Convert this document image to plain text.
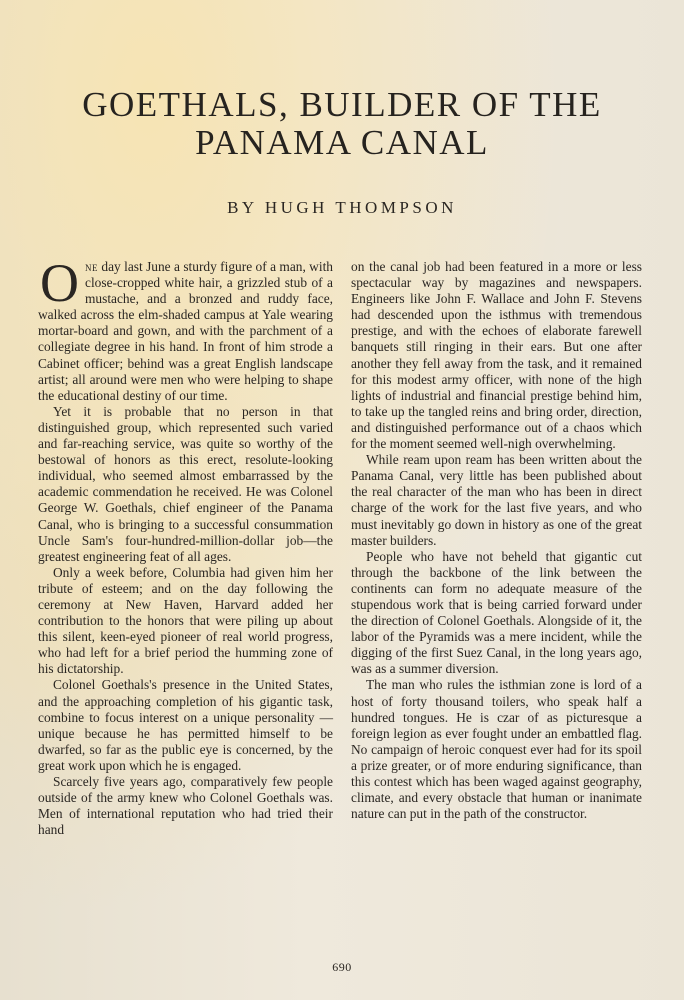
GOETHALS, BUILDER OF THE
PANAMA CANAL
BY HUGH THOMPSON

One day last June a sturdy figure of a man, with close-cropped white hair, a grizzled stub of a mustache, and a bronzed and ruddy face, walked across the elm-shaded campus at Yale wearing mortar-board and gown, and with the parchment of a collegiate degree in his hand. In front of him strode a Cabinet officer; behind was a great English landscape artist; all around were men who were helping to shape the educational destiny of our time.

Yet it is probable that no person in that distinguished group, which represented such varied and far-reaching service, was quite so worthy of the bestowal of honors as this erect, resolute-looking individual, who seemed almost embarrassed by the academic commendation he received. He was Colonel George W. Goethals, chief engineer of the Panama Canal, who is bringing to a successful consummation Uncle Sam's four-hundred-million-dollar job—the greatest engineering feat of all ages.

Only a week before, Columbia had given him her tribute of esteem; and on the day following the ceremony at New Haven, Harvard added her contribution to the honors that were piling up about this silent, keen-eyed pioneer of real world progress, who had left for a brief period the humming zone of his dictatorship.

Colonel Goethals's presence in the United States, and the approaching completion of his gigantic task, combine to focus interest on a unique personality — unique because he has permitted himself to be dwarfed, so far as the public eye is concerned, by the great work upon which he is engaged.

Scarcely five years ago, comparatively few people outside of the army knew who Colonel Goethals was. Men of international reputation who had tried their hand

on the canal job had been featured in a more or less spectacular way by magazines and newspapers. Engineers like John F. Wallace and John F. Stevens had descended upon the isthmus with tremendous prestige, and with the echoes of elaborate farewell banquets still ringing in their ears. But one after another they fell away from the task, and it remained for this modest army officer, with none of the high lights of industrial and financial prestige behind him, to take up the tangled reins and bring order, direction, and distinguished performance out of a chaos which for the moment seemed well-nigh overwhelming.

While ream upon ream has been written about the Panama Canal, very little has been published about the real character of the man who has been in direct charge of the work for the last five years, and who must inevitably go down in history as one of the great master builders.

People who have not beheld that gigantic cut through the backbone of the link between the continents can form no adequate measure of the stupendous work that is being carried forward under the direction of Colonel Goethals. Alongside of it, the labor of the Pyramids was a mere incident, while the digging of the first Suez Canal, in the long years ago, was as a summer diversion.

The man who rules the isthmian zone is lord of a host of forty thousand toilers, who speak half a hundred tongues. He is czar of as picturesque a foreign legion as ever fought under an embattled flag. No campaign of heroic conquest ever had for its spoil a prize greater, or of more enduring significance, than this contest which has been waged against geography, climate, and every obstacle that human or inanimate nature can put in the path of the constructor.

690
